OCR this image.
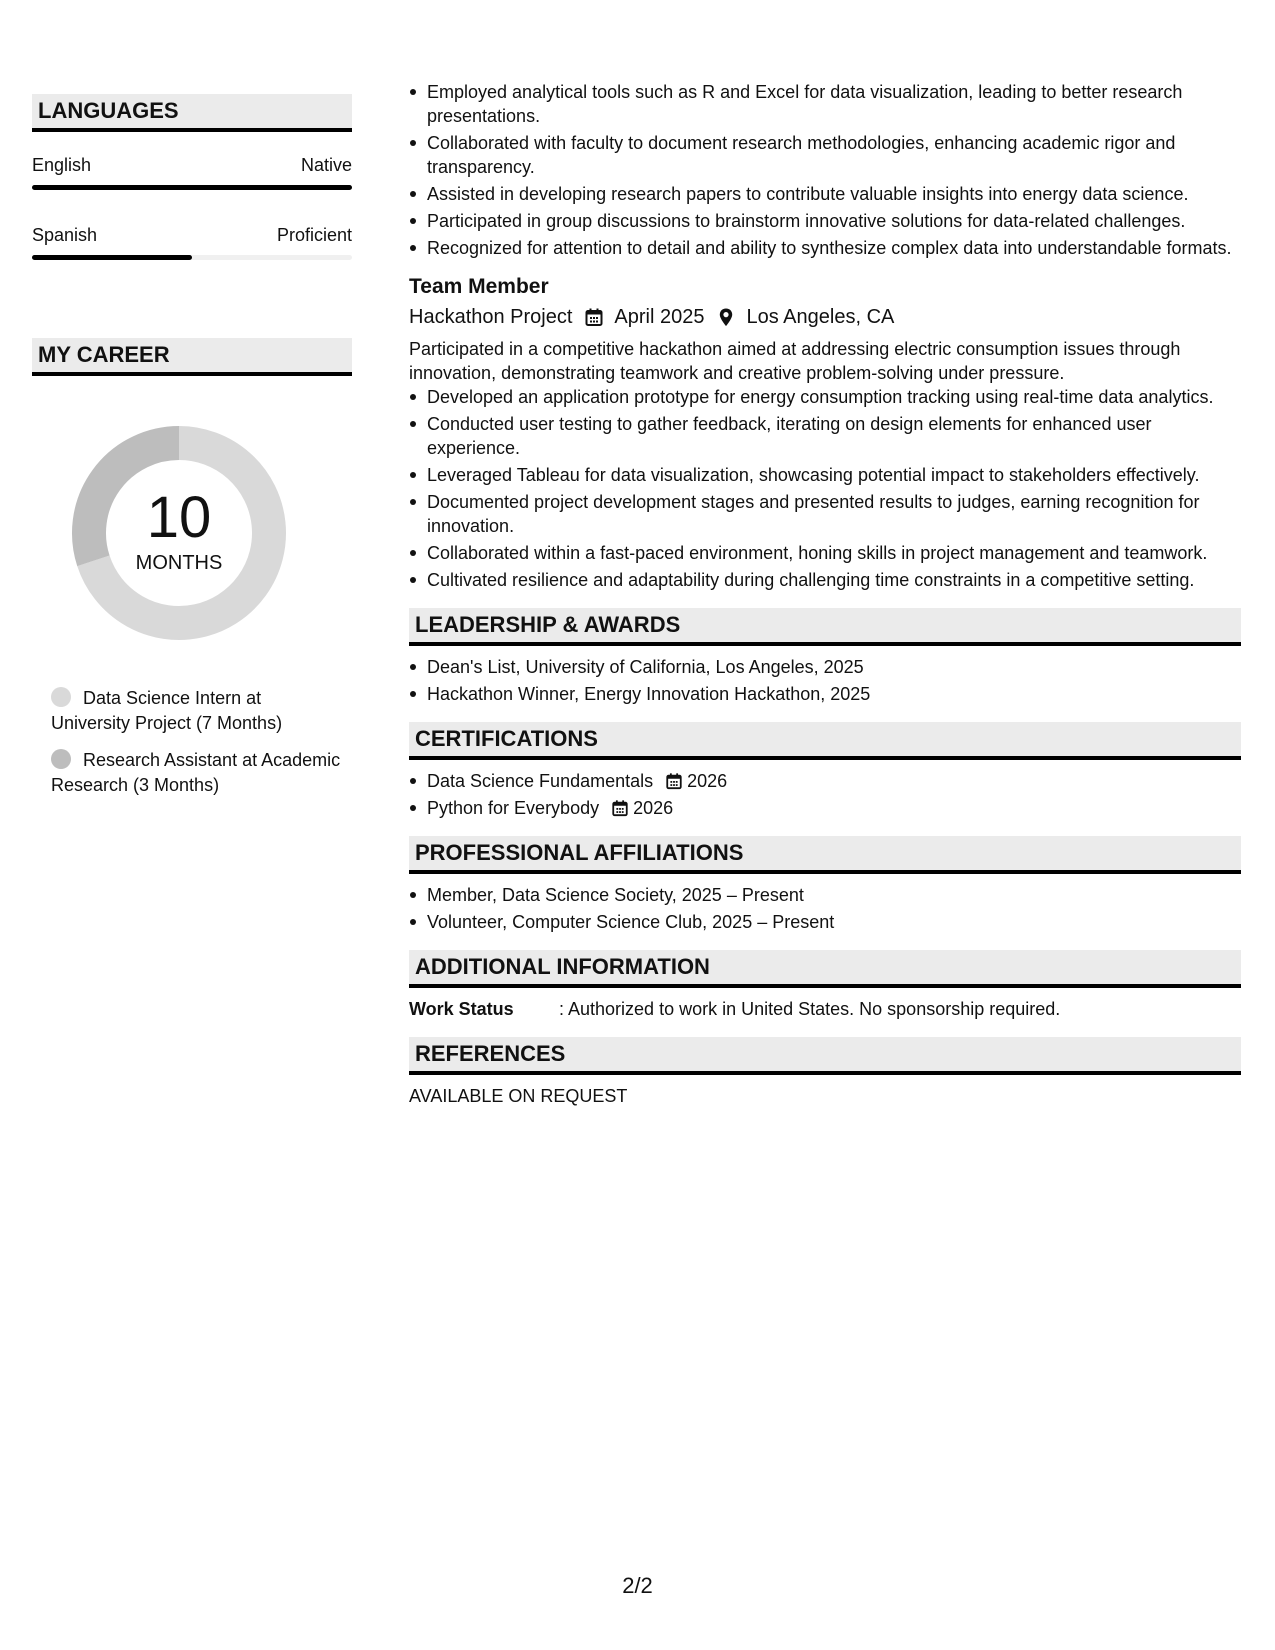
LANGUAGES
English	Native
Spanish	Proficient
MY CAREER
10
MONTHS
Data Science Intern at University Project (7 Months)
Research Assistant at Academic Research (3 Months)
Employed analytical tools such as R and Excel for data visualization, leading to better research presentations.
Collaborated with faculty to document research methodologies, enhancing academic rigor and transparency.
Assisted in developing research papers to contribute valuable insights into energy data science.
Participated in group discussions to brainstorm innovative solutions for data-related challenges.
Recognized for attention to detail and ability to synthesize complex data into understandable formats.
Team Member
Hackathon Project April 2025 Los Angeles, CA
Participated in a competitive hackathon aimed at addressing electric consumption issues through innovation, demonstrating teamwork and creative problem-solving under pressure.
Developed an application prototype for energy consumption tracking using real-time data analytics.
Conducted user testing to gather feedback, iterating on design elements for enhanced user experience.
Leveraged Tableau for data visualization, showcasing potential impact to stakeholders effectively.
Documented project development stages and presented results to judges, earning recognition for innovation.
Collaborated within a fast-paced environment, honing skills in project management and teamwork.
Cultivated resilience and adaptability during challenging time constraints in a competitive setting.
LEADERSHIP & AWARDS
Dean's List, University of California, Los Angeles, 2025
Hackathon Winner, Energy Innovation Hackathon, 2025
CERTIFICATIONS
Data Science Fundamentals 2026
Python for Everybody 2026
PROFESSIONAL AFFILIATIONS
Member, Data Science Society, 2025 – Present
Volunteer, Computer Science Club, 2025 – Present
ADDITIONAL INFORMATION
Work Status	: Authorized to work in United States. No sponsorship required.
REFERENCES
AVAILABLE ON REQUEST
2/2
